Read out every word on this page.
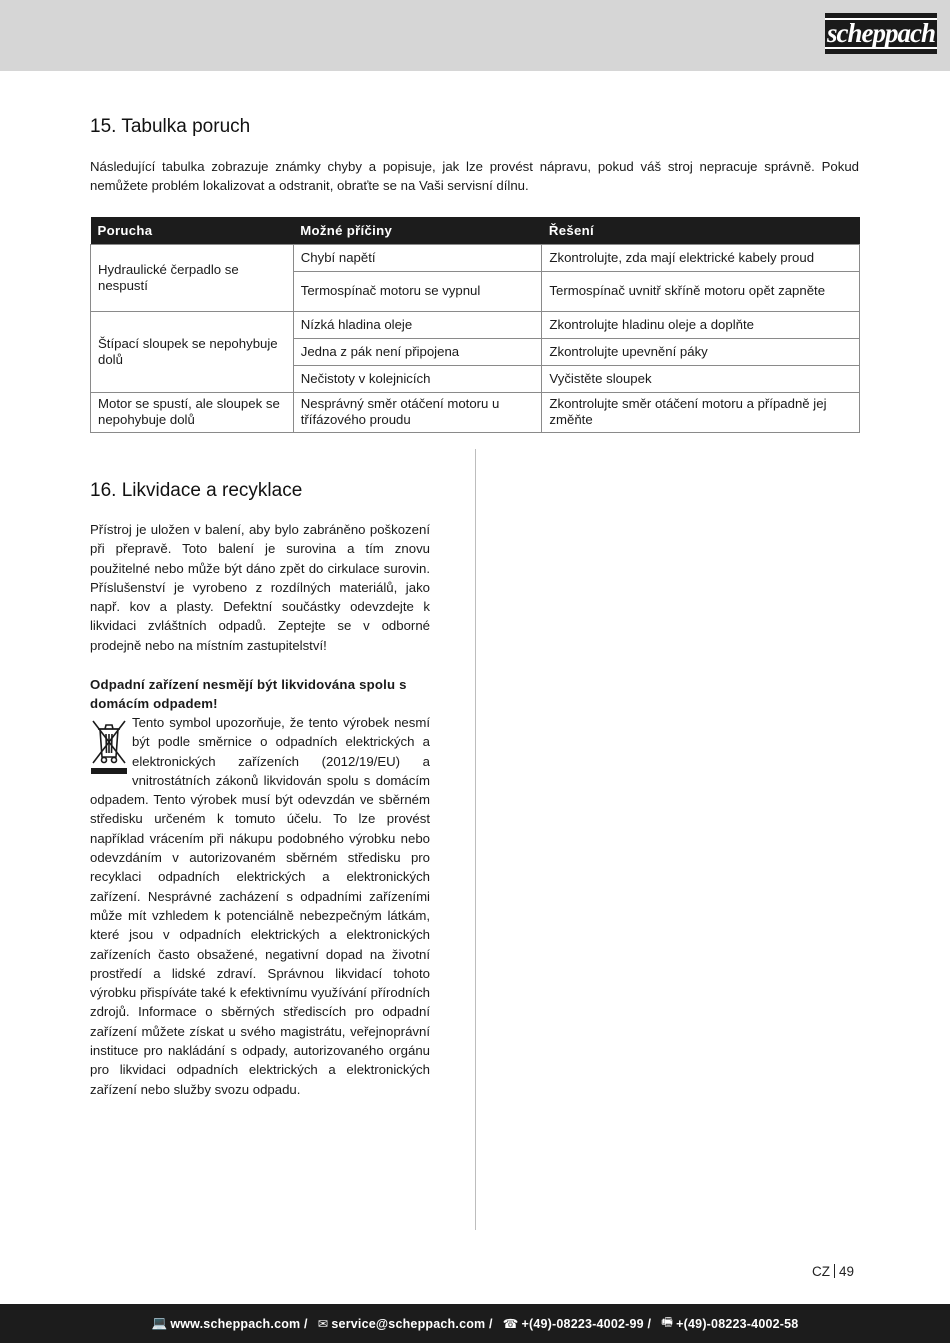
scheppach
15. Tabulka poruch

Následující tabulka zobrazuje známky chyby a popisuje, jak lze provést nápravu, pokud váš stroj nepracuje správně. Pokud nemůžete problém lokalizovat a odstranit, obraťte se na Vaši servisní dílnu.

Porucha	Možné příčiny	Řešení
Hydraulické čerpadlo se nespustí	Chybí napětí	Zkontrolujte, zda mají elektrické kabely proud
	Termospínač motoru se vypnul	Termospínač uvnitř skříně motoru opět zapněte
Štípací sloupek se nepohybuje dolů	Nízká hladina oleje	Zkontrolujte hladinu oleje a doplňte
	Jedna z pák není připojena	Zkontrolujte upevnění páky
	Nečistoty v kolejnicích	Vyčistěte sloupek
Motor se spustí, ale sloupek se nepohybuje dolů	Nesprávný směr otáčení motoru u třífázového proudu	Zkontrolujte směr otáčení motoru a případně jej změňte
16. Likvidace a recyklace

Přístroj je uložen v balení, aby bylo zabráněno poškození při přepravě. Toto balení je surovina a tím znovu použitelné nebo může být dáno zpět do cirkulace surovin. Příslušenství je vyrobeno z rozdílných materiálů, jako např. kov a plasty. Defektní součástky odevzdejte k likvidaci zvláštních odpadů. Zeptejte se v odborné prodejně nebo na místním zastupitelství!

Odpadní zařízení nesmějí být likvidována spolu s domácím odpadem!

Tento symbol upozorňuje, že tento výrobek nesmí být podle směrnice o odpadních elektrických a elektronických zařízeních (2012/19/EU) a vnitrostátních zákonů likvidován spolu s domácím odpadem. Tento výrobek musí být odevzdán ve sběrném středisku určeném k tomuto účelu. To lze provést například vrácením při nákupu podobného výrobku nebo odevzdáním v autorizovaném sběrném středisku pro recyklaci odpadních elektrických a elektronických zařízení. Nesprávné zacházení s odpadními zařízeními může mít vzhledem k potenciálně nebezpečným látkám, které jsou v odpadních elektrických a elektronických zařízeních často obsažené, negativní dopad na životní prostředí a lidské zdraví. Správnou likvidací tohoto výrobku přispíváte také k efektivnímu využívání přírodních zdrojů. Informace o sběrných střediscích pro odpadní zařízení můžete získat u svého magistrátu, veřejnoprávní instituce pro nakládání s odpady, autorizovaného orgánu pro likvidaci odpadních elektrických a elektronických zařízení nebo služby svozu odpadu.
CZ 49
💻 www.scheppach.com / ✉ service@scheppach.com / ☎ +(49)-08223-4002-99 / 🖷 +(49)-08223-4002-58
